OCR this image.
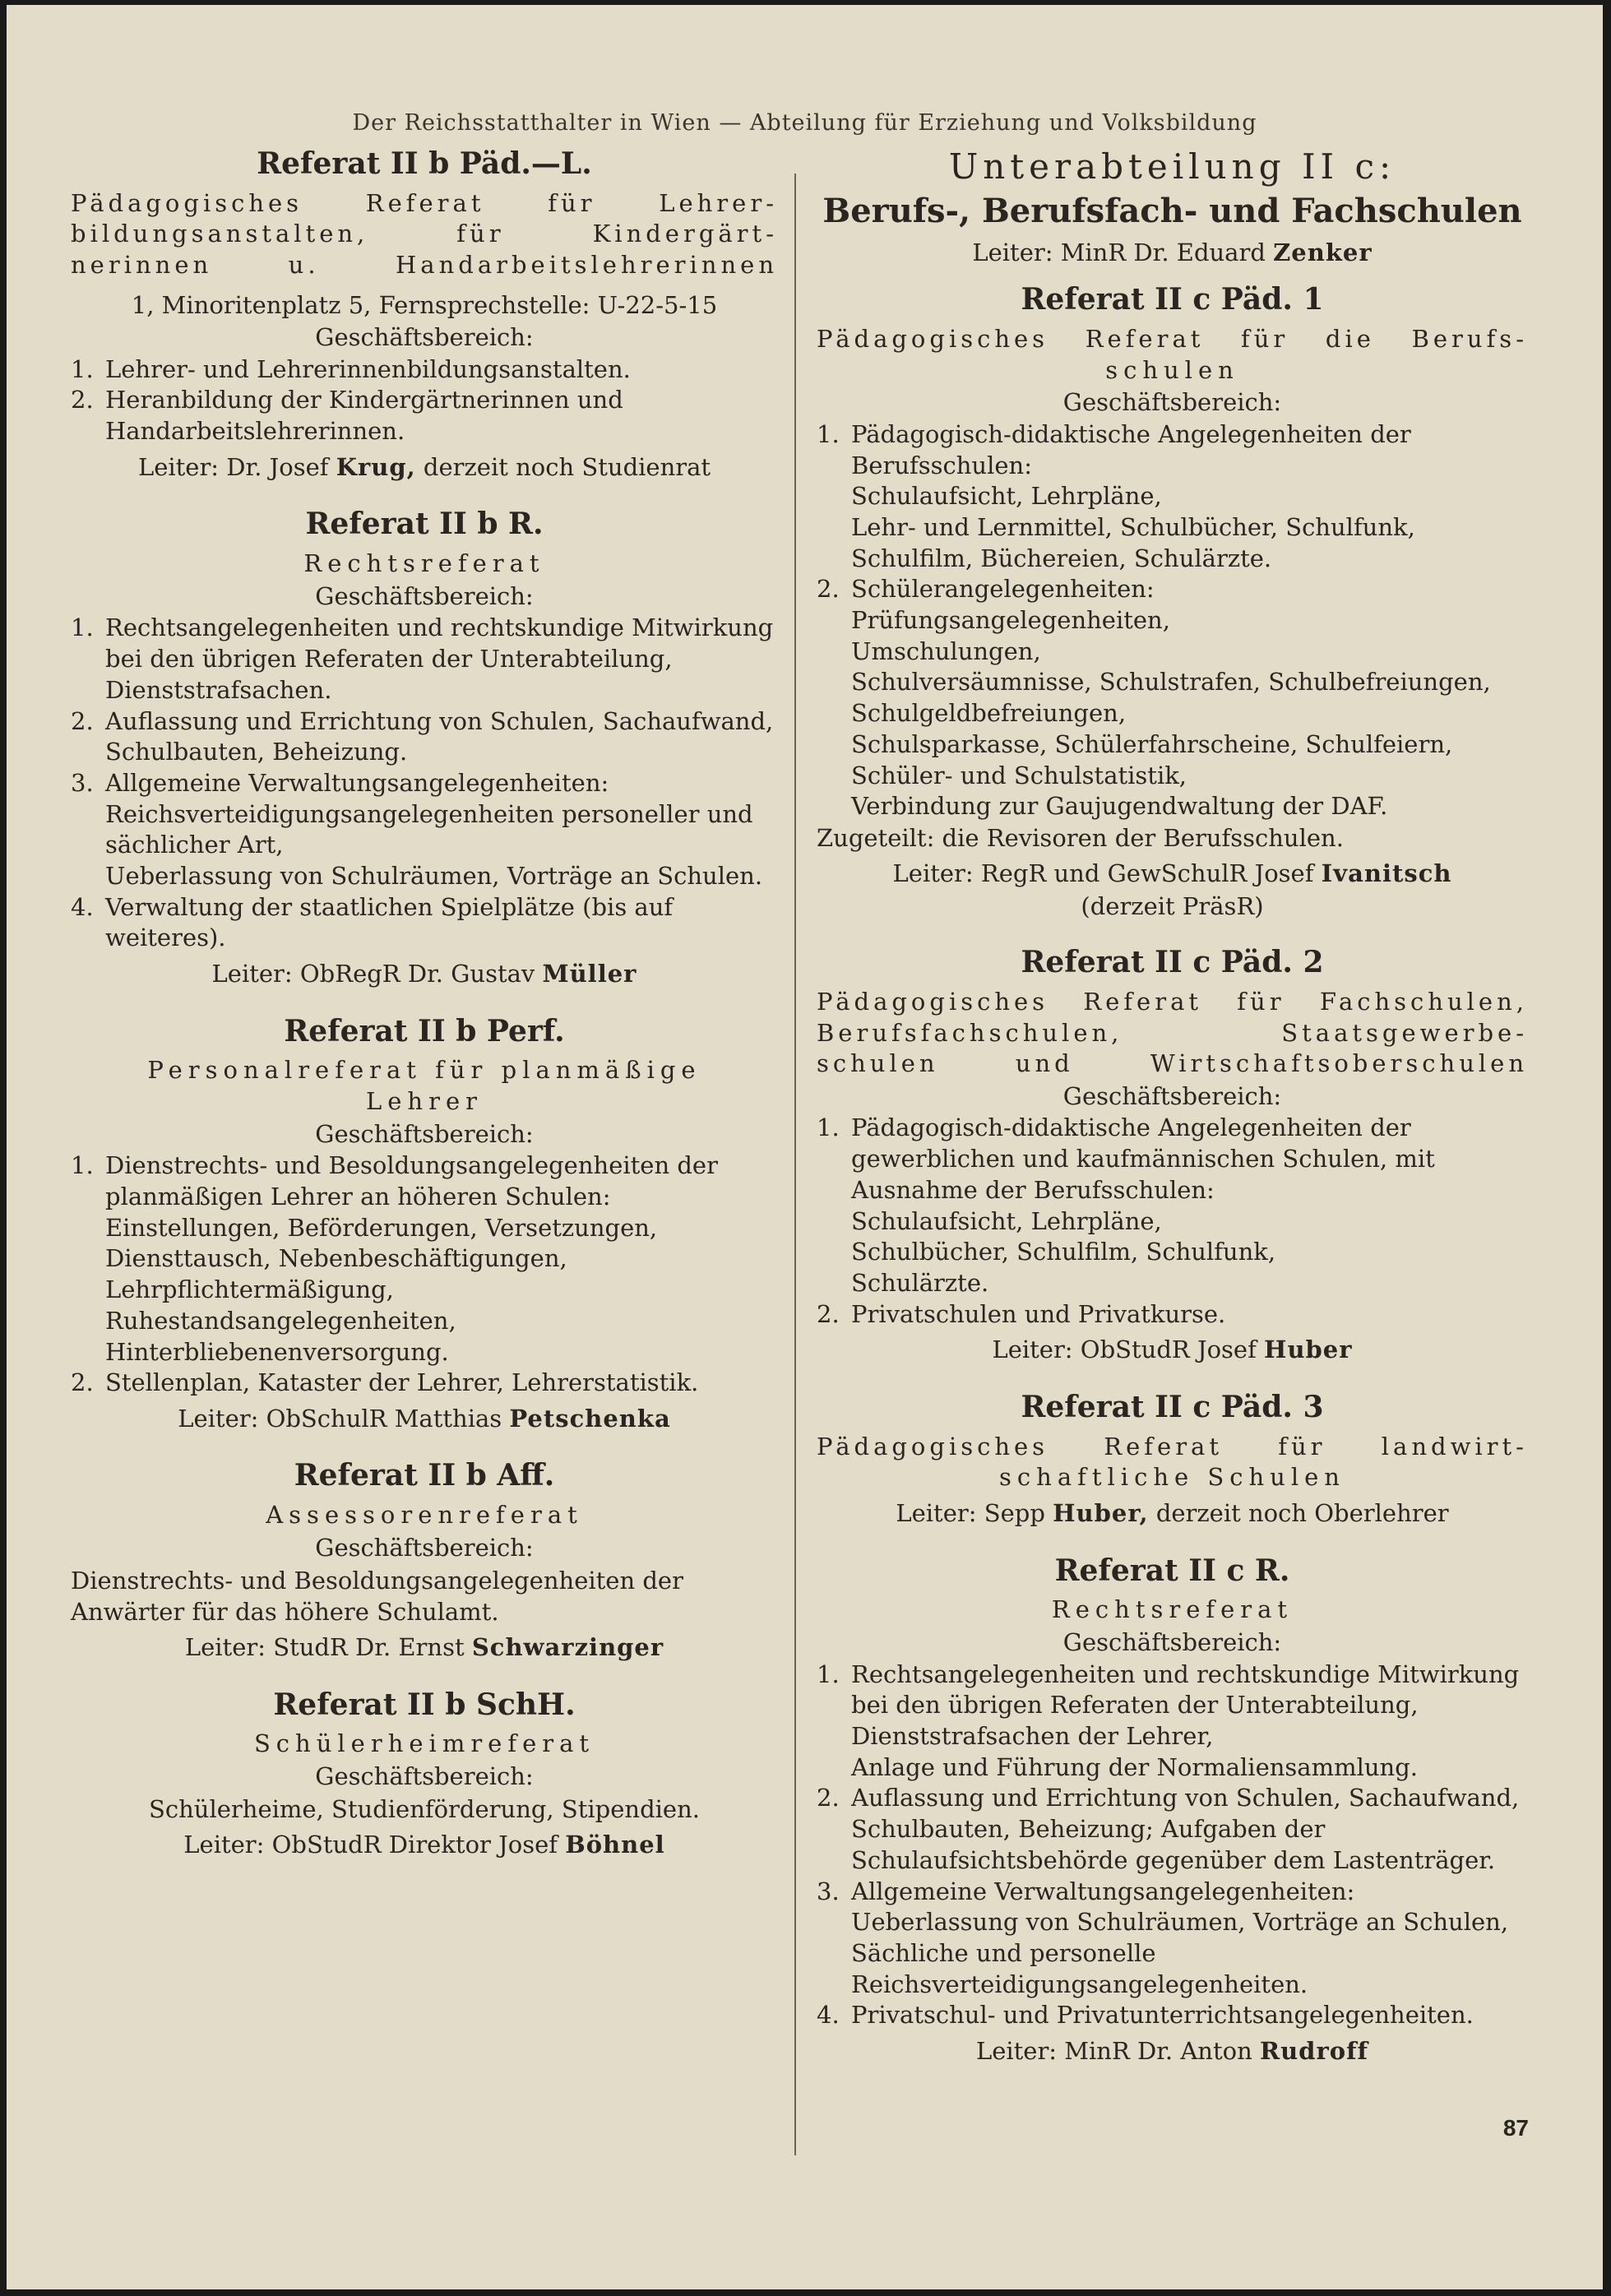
Der Reichsstatthalter in Wien — Abteilung für Erziehung und Volksbildung
Referat II b Päd.—L.
Pädagogisches Referat für Lehrer-
bildungsanstalten, für Kindergärt-
nerinnen u. Handarbeitslehrerinnen
1, Minoritenplatz 5, Fernsprechstelle: U-22-5-15
Geschäftsbereich:
1. Lehrer- und Lehrerinnenbildungsanstalten.
2. Heranbildung der Kindergärtnerinnen und Handarbeitslehrerinnen.
Leiter: Dr. Josef Krug, derzeit noch Studienrat
Referat II b R.
Rechtsreferat
Geschäftsbereich:
1. Rechtsangelegenheiten und rechtskundige Mitwirkung bei den übrigen Referaten der Unterabteilung,
Dienststrafsachen.
2. Auflassung und Errichtung von Schulen, Sachaufwand, Schulbauten, Beheizung.
3. Allgemeine Verwaltungsangelegenheiten:
Reichsverteidigungsangelegenheiten personeller und sächlicher Art,
Ueberlassung von Schulräumen, Vorträge an Schulen.
4. Verwaltung der staatlichen Spielplätze (bis auf weiteres).
Leiter: ObRegR Dr. Gustav Müller
Referat II b Perf.
Personalreferat für planmäßige
Lehrer
Geschäftsbereich:
1. Dienstrechts- und Besoldungsangelegenheiten der planmäßigen Lehrer an höheren Schulen:
Einstellungen, Beförderungen, Versetzungen, Diensttausch, Nebenbeschäftigungen, Lehrpflichtermäßigung,
Ruhestandsangelegenheiten, Hinterbliebenenversorgung.
2. Stellenplan, Kataster der Lehrer, Lehrerstatistik.
Leiter: ObSchulR Matthias Petschenka
Referat II b Aff.
Assessorenreferat
Geschäftsbereich:
Dienstrechts- und Besoldungsangelegenheiten der Anwärter für das höhere Schulamt.
Leiter: StudR Dr. Ernst Schwarzinger
Referat II b SchH.
Schülerheimreferat
Geschäftsbereich:
Schülerheime, Studienförderung, Stipendien.
Leiter: ObStudR Direktor Josef Böhnel
Unterabteilung II c:
Berufs-, Berufsfach- und Fachschulen
Leiter: MinR Dr. Eduard Zenker
Referat II c Päd. 1
Pädagogisches Referat für die Berufs-
schulen
Geschäftsbereich:
1. Pädagogisch-didaktische Angelegenheiten der Berufsschulen:
Schulaufsicht, Lehrpläne,
Lehr- und Lernmittel, Schulbücher, Schulfunk, Schulfilm, Büchereien, Schulärzte.
2. Schülerangelegenheiten:
Prüfungsangelegenheiten,
Umschulungen,
Schulversäumnisse, Schulstrafen, Schulbefreiungen,
Schulgeldbefreiungen,
Schulsparkasse, Schülerfahrscheine, Schulfeiern,
Schüler- und Schulstatistik,
Verbindung zur Gaujugendwaltung der DAF.
Zugeteilt: die Revisoren der Berufsschulen.
Leiter: RegR und GewSchulR Josef Ivanitsch
(derzeit PräsR)
Referat II c Päd. 2
Pädagogisches Referat für Fachschulen,
Berufsfachschulen, Staatsgewerbe-
schulen und Wirtschaftsoberschulen
Geschäftsbereich:
1. Pädagogisch-didaktische Angelegenheiten der gewerblichen und kaufmännischen Schulen, mit Ausnahme der Berufsschulen:
Schulaufsicht, Lehrpläne,
Schulbücher, Schulfilm, Schulfunk,
Schulärzte.
2. Privatschulen und Privatkurse.
Leiter: ObStudR Josef Huber
Referat II c Päd. 3
Pädagogisches Referat für landwirt-
schaftliche Schulen
Leiter: Sepp Huber, derzeit noch Oberlehrer
Referat II c R.
Rechtsreferat
Geschäftsbereich:
1. Rechtsangelegenheiten und rechtskundige Mitwirkung bei den übrigen Referaten der Unterabteilung,
Dienststrafsachen der Lehrer,
Anlage und Führung der Normaliensammlung.
2. Auflassung und Errichtung von Schulen, Sachaufwand, Schulbauten, Beheizung; Aufgaben der Schulaufsichtsbehörde gegenüber dem Lastenträger.
3. Allgemeine Verwaltungsangelegenheiten:
Ueberlassung von Schulräumen, Vorträge an Schulen,
Sächliche und personelle Reichsverteidigungsangelegenheiten.
4. Privatschul- und Privatunterrichtsangelegenheiten.
Leiter: MinR Dr. Anton Rudroff
87
